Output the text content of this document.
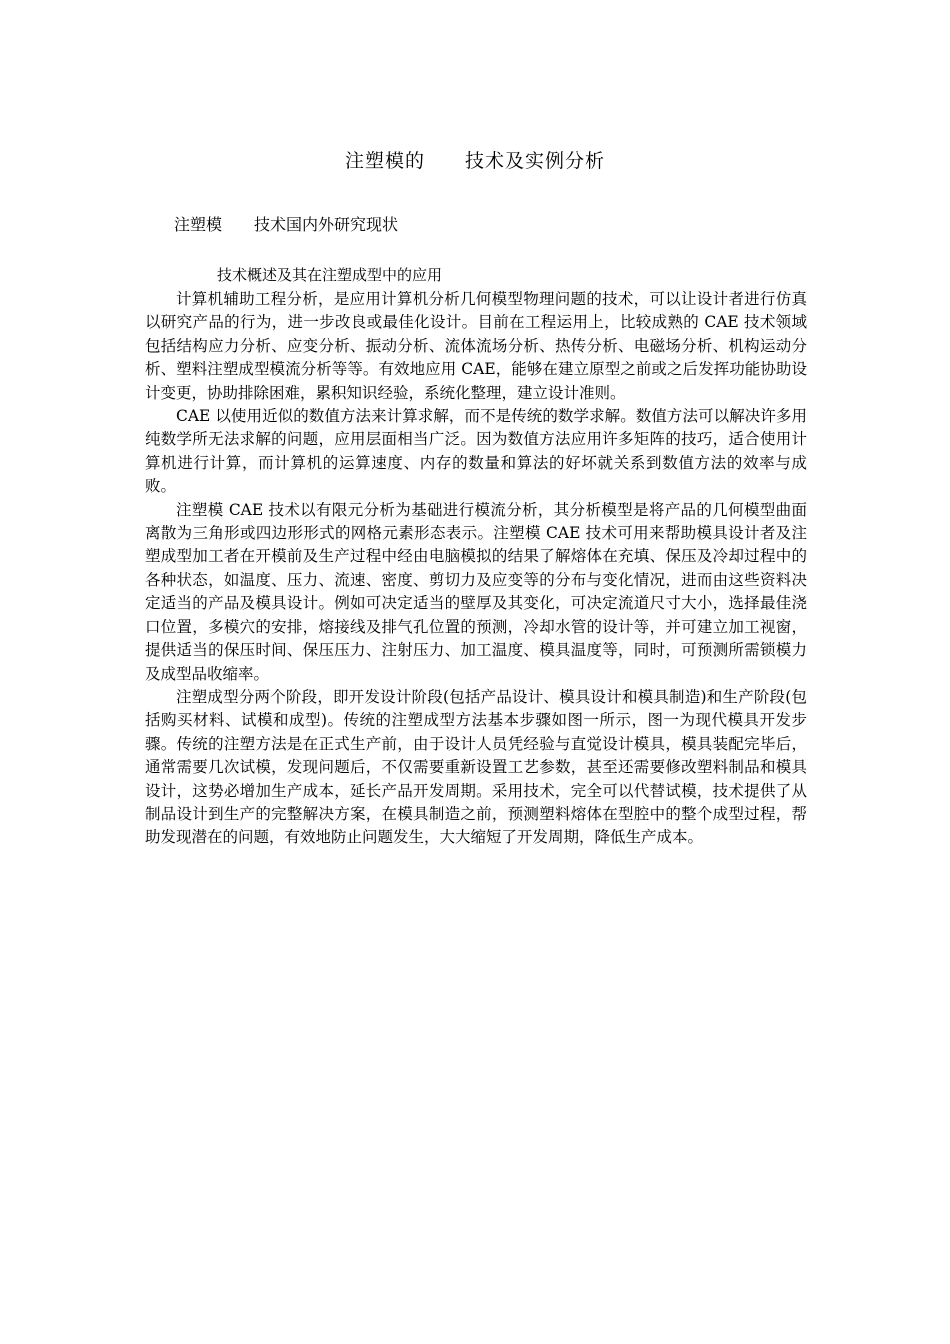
注塑模的　　技术及实例分析
注塑模　　技术国内外研究现状
技术概述及其在注塑成型中的应用

计算机辅助工程分析，是应用计算机分析几何模型物理问题的技术，可以让设计者进行仿真以研究产品的行为，进一步改良或最佳化设计。目前在工程运用上，比较成熟的 CAE 技术领域包括结构应力分析、应变分析、振动分析、流体流场分析、热传分析、电磁场分析、机构运动分析、塑料注塑成型模流分析等等。有效地应用 CAE，能够在建立原型之前或之后发挥功能协助设计变更，协助排除困难，累积知识经验，系统化整理，建立设计准则。

CAE 以使用近似的数值方法来计算求解，而不是传统的数学求解。数值方法可以解决许多用纯数学所无法求解的问题，应用层面相当广泛。因为数值方法应用许多矩阵的技巧，适合使用计算机进行计算，而计算机的运算速度、内存的数量和算法的好坏就关系到数值方法的效率与成败。

注塑模 CAE 技术以有限元分析为基础进行模流分析，其分析模型是将产品的几何模型曲面离散为三角形或四边形形式的网格元素形态表示。注塑模 CAE 技术可用来帮助模具设计者及注塑成型加工者在开模前及生产过程中经由电脑模拟的结果了解熔体在充填、保压及冷却过程中的各种状态，如温度、压力、流速、密度、剪切力及应变等的分布与变化情况，进而由这些资料决定适当的产品及模具设计。例如可决定适当的壁厚及其变化，可决定流道尺寸大小，选择最佳浇口位置，多模穴的安排，熔接线及排气孔位置的预测，冷却水管的设计等，并可建立加工视窗，提供适当的保压时间、保压压力、注射压力、加工温度、模具温度等，同时，可预测所需锁模力及成型品收缩率。

注塑成型分两个阶段，即开发设计阶段(包括产品设计、模具设计和模具制造)和生产阶段(包括购买材料、试模和成型)。传统的注塑成型方法基本步骤如图一所示，图一为现代模具开发步骤。传统的注塑方法是在正式生产前，由于设计人员凭经验与直觉设计模具，模具装配完毕后，通常需要几次试模，发现问题后，不仅需要重新设置工艺参数，甚至还需要修改塑料制品和模具设计，这势必增加生产成本，延长产品开发周期。采用技术，完全可以代替试模，技术提供了从制品设计到生产的完整解决方案，在模具制造之前，预测塑料熔体在型腔中的整个成型过程，帮助发现潜在的问题，有效地防止问题发生，大大缩短了开发周期，降低生产成本。
